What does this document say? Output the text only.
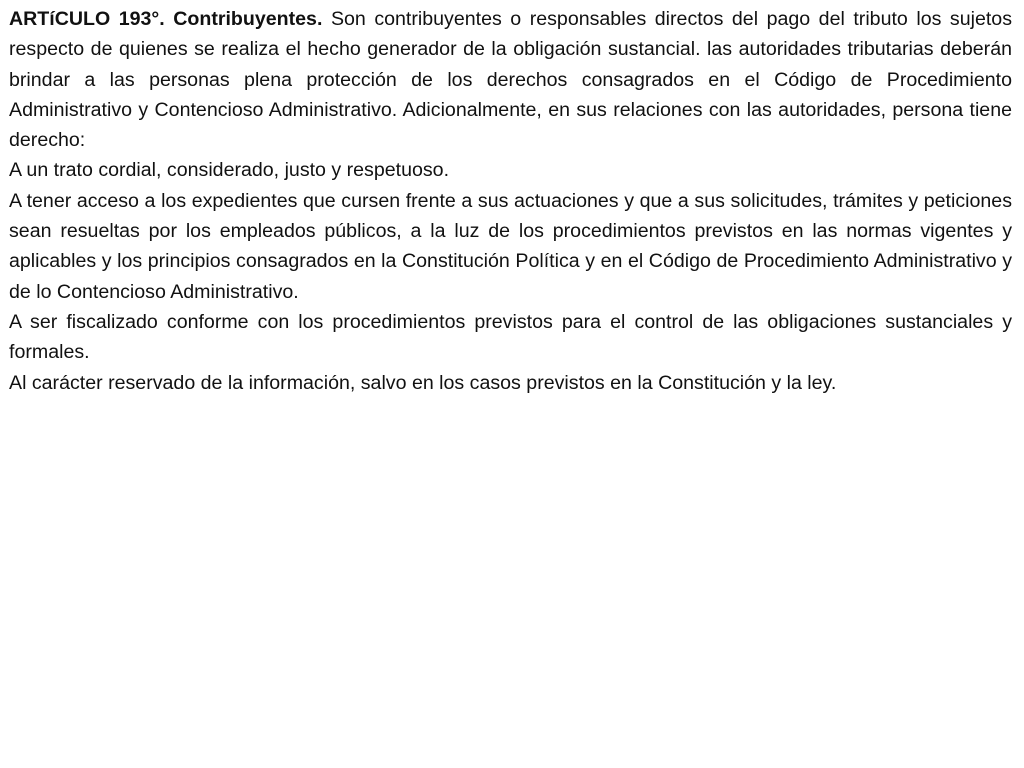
ARTíCULO 193°. Contribuyentes. Son contribuyentes o responsables directos del pago del tributo los sujetos respecto de quienes se realiza el hecho generador de la obligación sustancial. las autoridades tributarias deberán brindar a las personas plena protección de los derechos consagrados en el Código de Procedimiento Administrativo y Contencioso Administrativo. Adicionalmente, en sus relaciones con las autoridades, persona tiene derecho:

A un trato cordial, considerado, justo y respetuoso.

A tener acceso a los expedientes que cursen frente a sus actuaciones y que a sus solicitudes, trámites y peticiones sean resueltas por los empleados públicos, a la luz de los procedimientos previstos en las normas vigentes y aplicables y los principios consagrados en la Constitución Política y en el Código de Procedimiento Administrativo y de lo Contencioso Administrativo.

A ser fiscalizado conforme con los procedimientos previstos para el control de las obligaciones sustanciales y formales.

Al carácter reservado de la información, salvo en los casos previstos en la Constitución y la ley.
